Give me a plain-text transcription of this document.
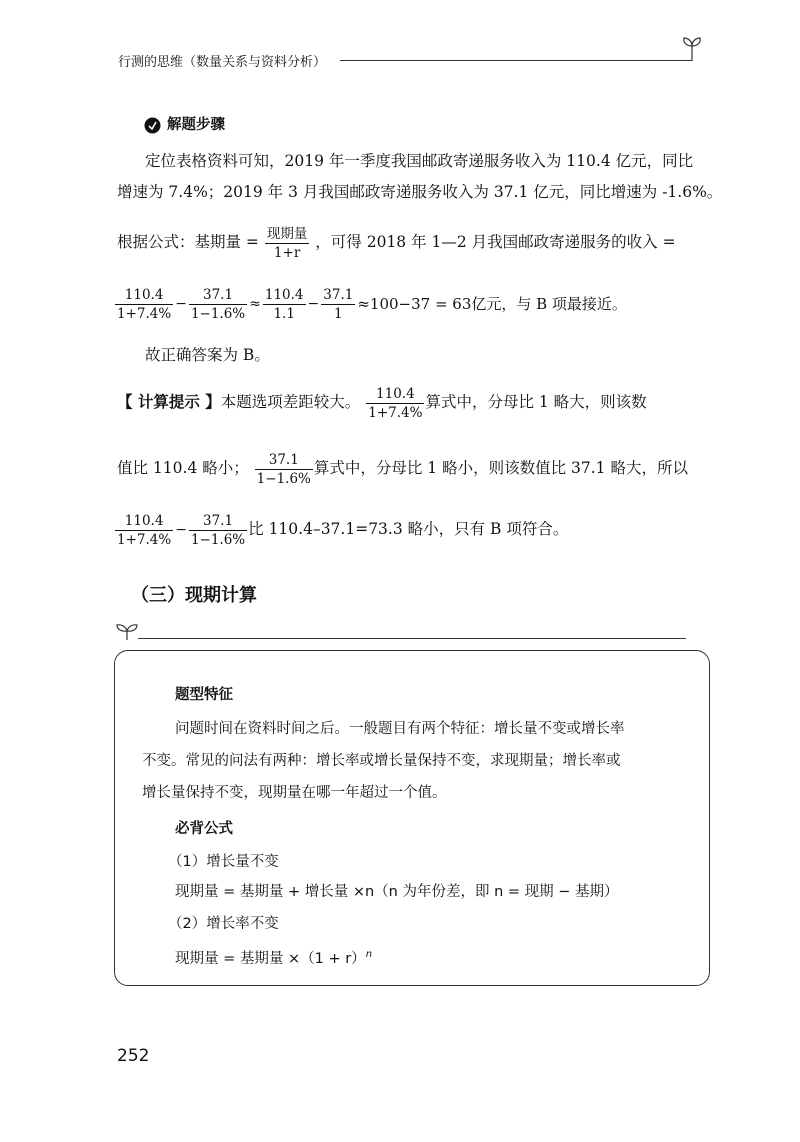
行测的思维（数量关系与资料分析）
解题步骤
定位表格资料可知，2019 年一季度我国邮政寄递服务收入为 110.4 亿元，同比
增速为 7.4%；2019 年 3 月我国邮政寄递服务收入为 37.1 亿元，同比增速为 -1.6%。
根据公式：基期量 = $\frac{\text{现期量}}{1+r}$ ，可得 2018 年 1—2 月我国邮政寄递服务的收入 =
$\frac{110.4}{1+7.4\%} - \frac{37.1}{1-1.6\%} \approx \frac{110.4}{1.1} - \frac{37.1}{1} \approx 100-37 = 63$亿元，与 B 项最接近。
故正确答案为 B。
【 计算提示 】本题选项差距较大。 $\frac{110.4}{1+7.4\%}$ 算式中，分母比 1 略大，则该数
值比 110.4 略小； $\frac{37.1}{1-1.6\%}$ 算式中，分母比 1 略小，则该数值比 37.1 略大，所以
$\frac{110.4}{1+7.4\%} - \frac{37.1}{1-1.6\%}$ 比 110.4–37.1=73.3 略小，只有 B 项符合。
（三）现期计算
题型特征
问题时间在资料时间之后。一般题目有两个特征：增长量不变或增长率
不变。常见的问法有两种：增长率或增长量保持不变，求现期量；增长率或
增长量保持不变，现期量在哪一年超过一个值。
必背公式
（1）增长量不变
现期量 = 基期量 + 增长量 ×n（n 为年份差，即 n = 现期 − 基期）
（2）增长率不变
现期量 = 基期量 $\times(1 + r)^n$
252
